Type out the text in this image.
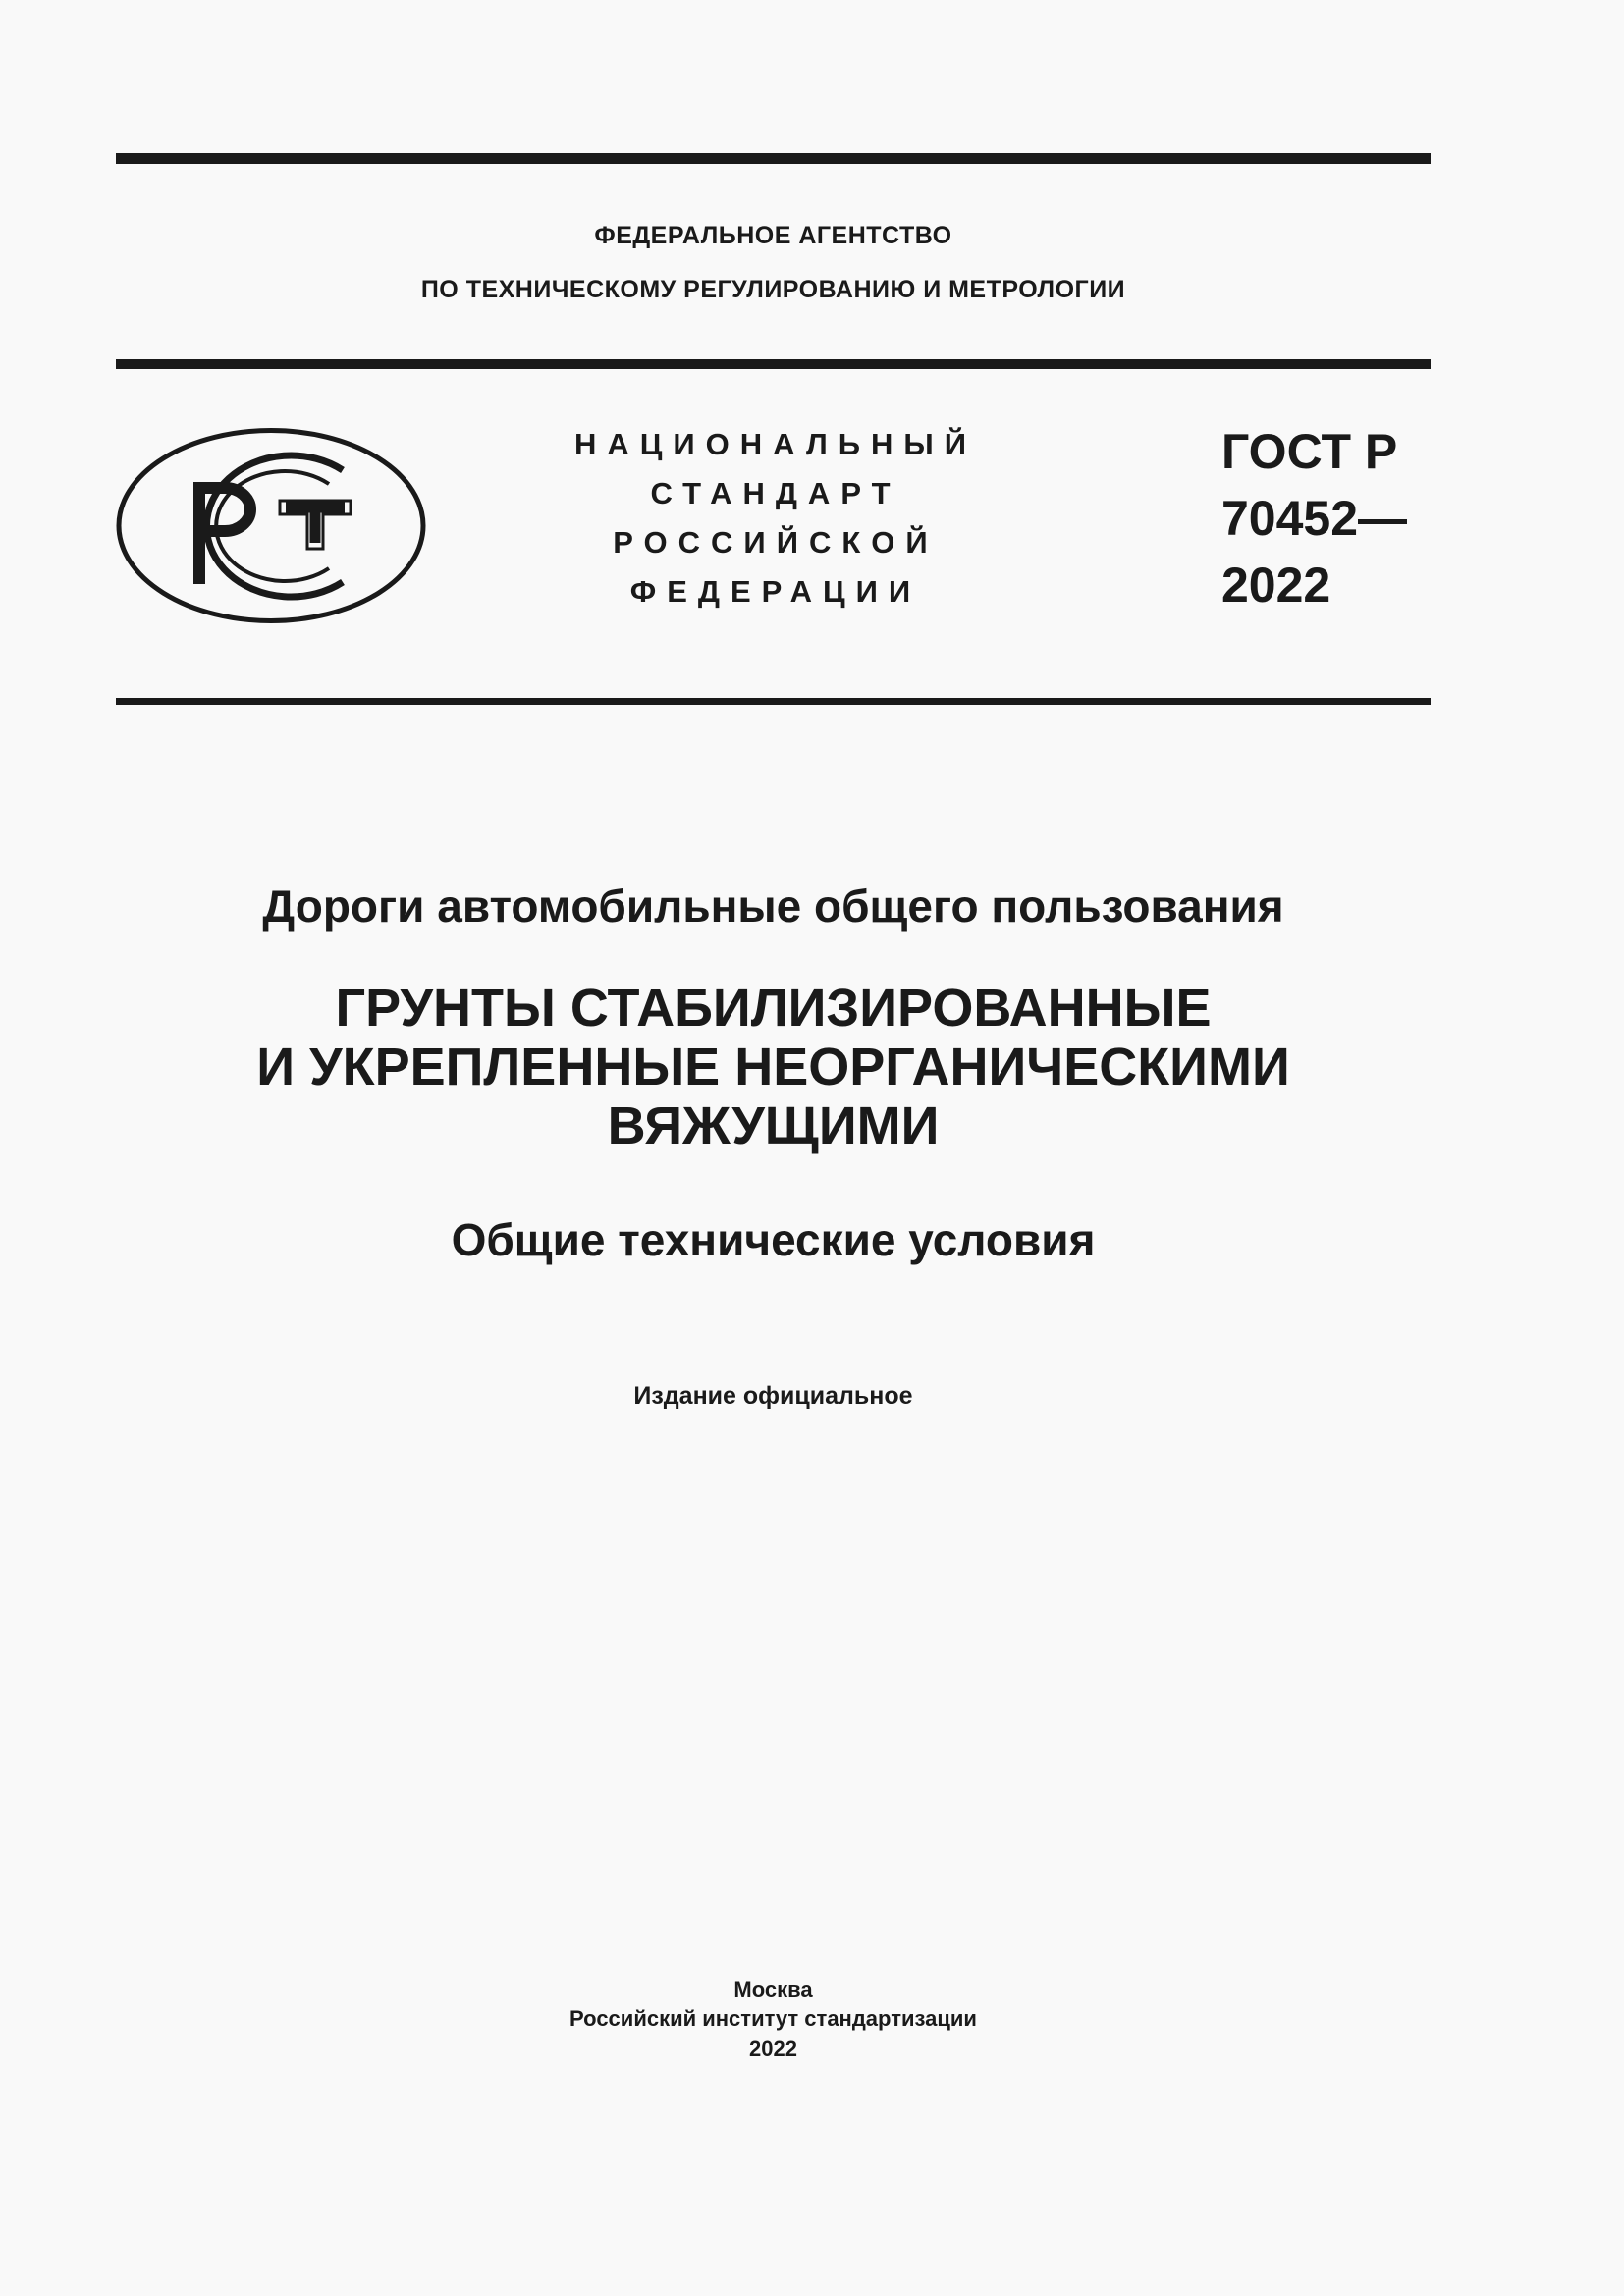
ФЕДЕРАЛЬНОЕ АГЕНТСТВО
ПО ТЕХНИЧЕСКОМУ РЕГУЛИРОВАНИЮ И МЕТРОЛОГИИ
НАЦИОНАЛЬНЫЙ
СТАНДАРТ
РОССИЙСКОЙ
ФЕДЕРАЦИИ
ГОСТ Р
70452—
2022
Дороги автомобильные общего пользования
ГРУНТЫ СТАБИЛИЗИРОВАННЫЕ
И УКРЕПЛЕННЫЕ НЕОРГАНИЧЕСКИМИ
ВЯЖУЩИМИ
Общие технические условия
Издание официальное
Москва
Российский институт стандартизации
2022
